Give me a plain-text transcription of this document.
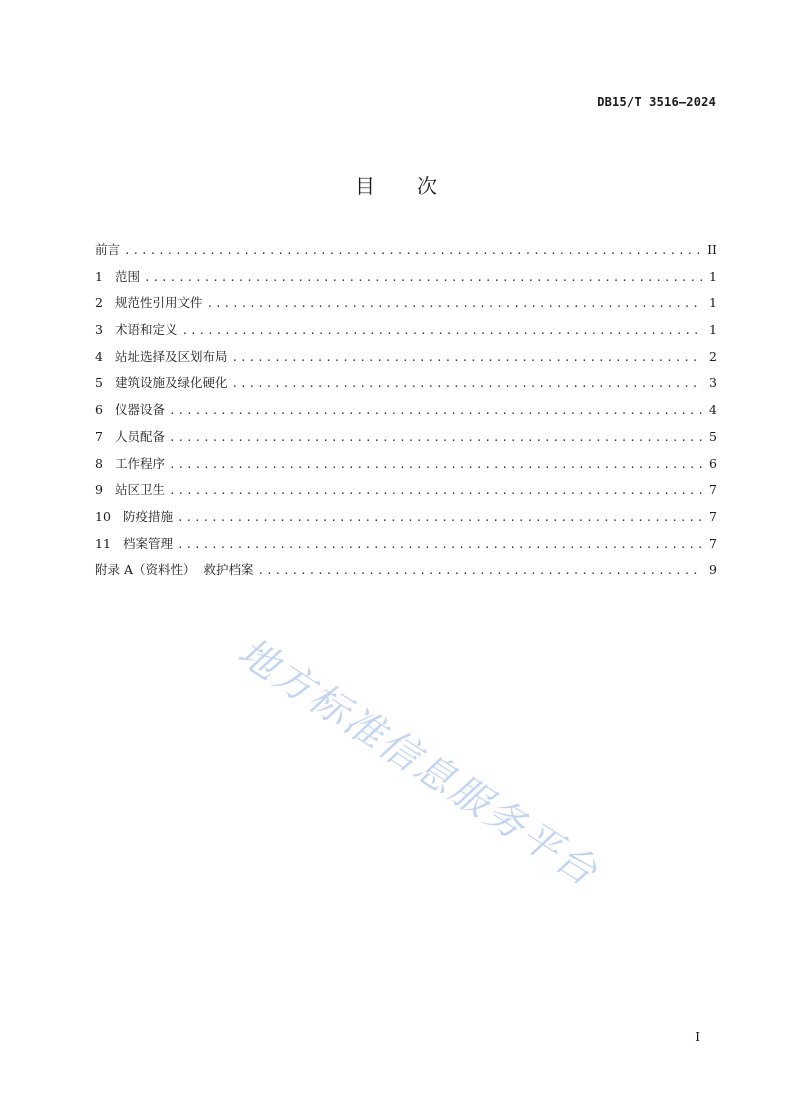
DB15/T 3516—2024
目 次
前言 .....	II
1 范围 .....	1
2 规范性引用文件 .....	1
3 术语和定义 .....	1
4 站址选择及区划布局 .....	2
5 建筑设施及绿化硬化 .....	3
6 仪器设备 .....	4
7 人员配备 .....	5
8 工作程序 .....	6
9 站区卫生 .....	7
10 防疫措施 .....	7
11 档案管理 .....	7
附录 A（资料性）  救护档案 .....	9
地方标准信息服务平台
I
